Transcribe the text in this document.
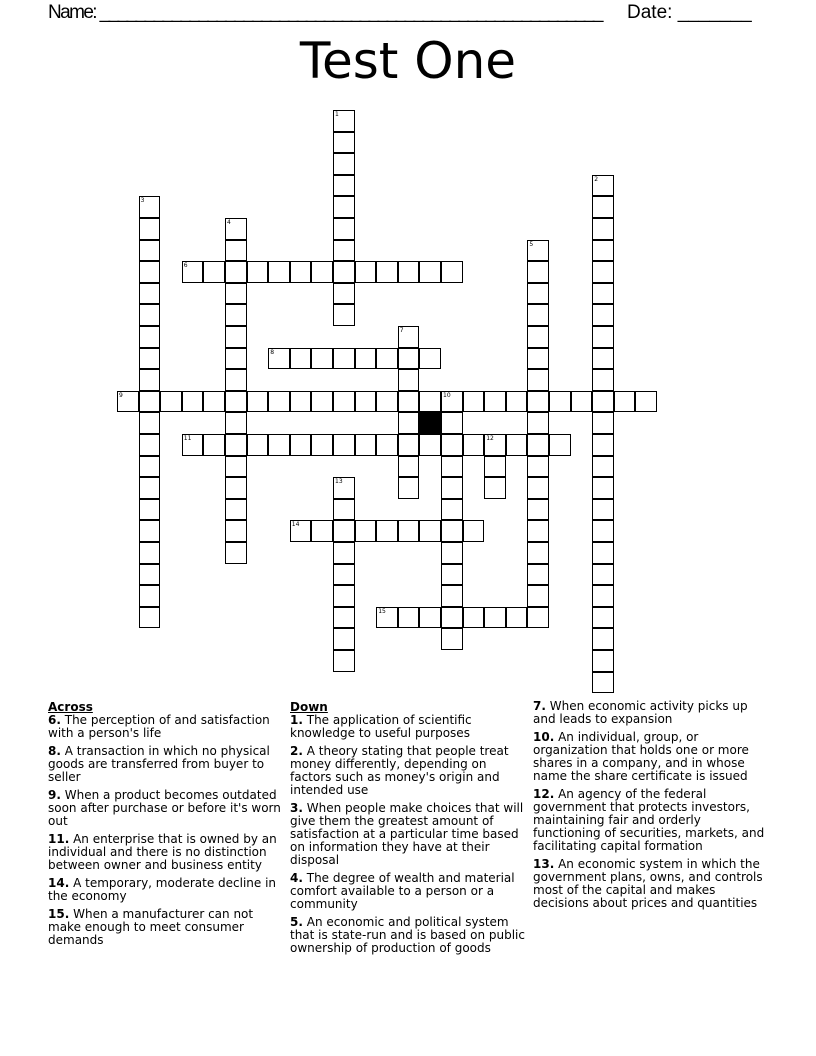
Name: ________________________________________________________ Date: _______
Test One
1
2
3
4
5
6
7
8
9	10
11	12
13
14
15
Across
6. The perception of and satisfaction with a person's life
8. A transaction in which no physical goods are transferred from buyer to seller
9. When a product becomes outdated soon after purchase or before it's worn out
11. An enterprise that is owned by an individual and there is no distinction between owner and business entity
14. A temporary, moderate decline in the economy
15. When a manufacturer can not make enough to meet consumer demands
Down
1. The application of scientific knowledge to useful purposes
2. A theory stating that people treat money differently, depending on factors such as money's origin and intended use
3. When people make choices that will give them the greatest amount of satisfaction at a particular time based on information they have at their disposal
4. The degree of wealth and material comfort available to a person or a community
5. An economic and political system that is state-run and is based on public ownership of production of goods
7. When economic activity picks up and leads to expansion
10. An individual, group, or organization that holds one or more shares in a company, and in whose name the share certificate is issued
12. An agency of the federal government that protects investors, maintaining fair and orderly functioning of securities, markets, and facilitating capital formation
13. An economic system in which the government plans, owns, and controls most of the capital and makes decisions about prices and quantities
